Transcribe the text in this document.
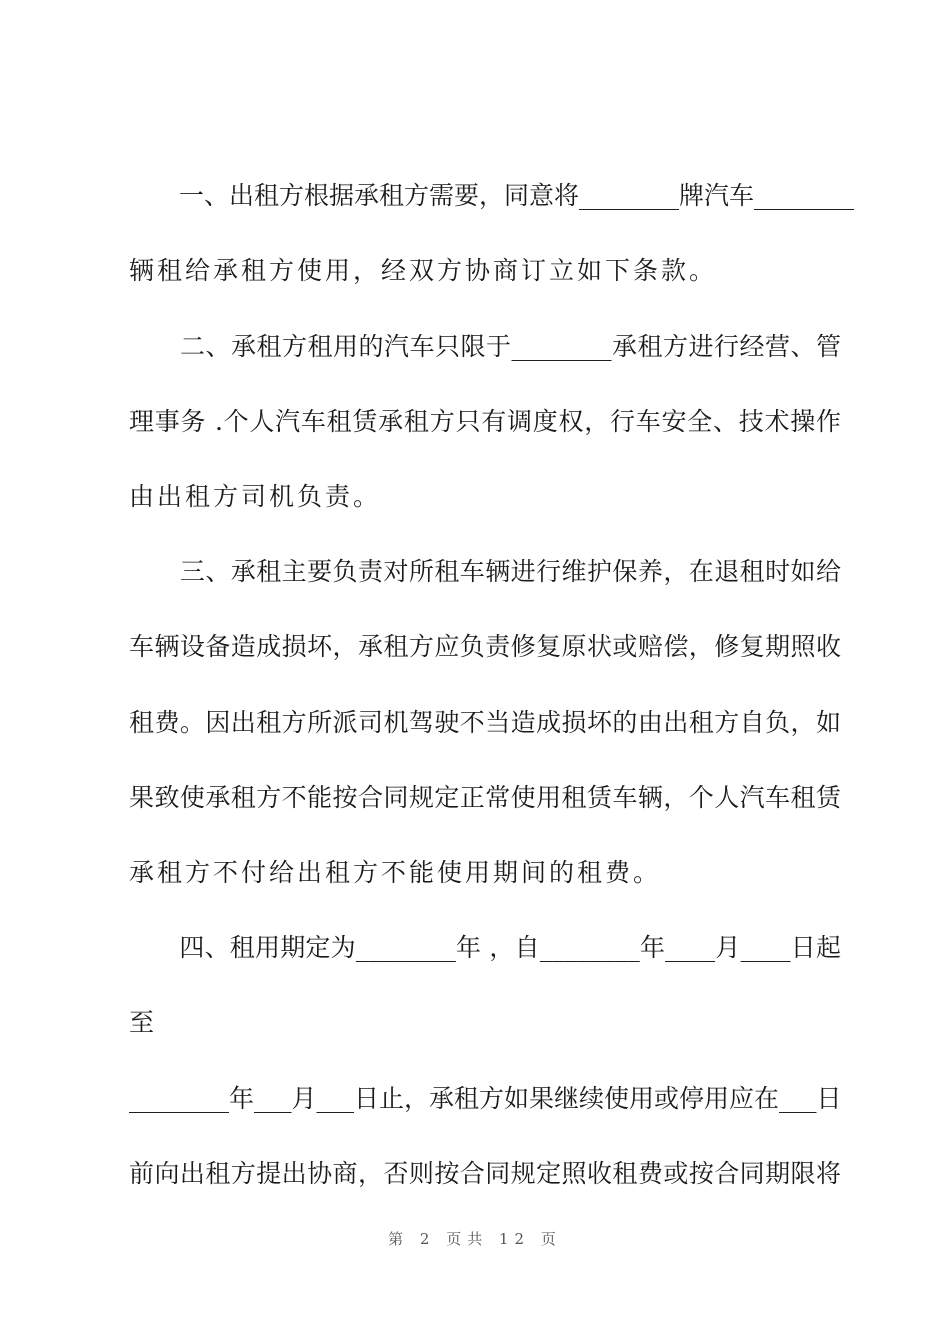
　　一、出租方根据承租方需要，同意将________牌汽车________
辆租给承租方使用，经双方协商订立如下条款。
　　二、承租方租用的汽车只限于________承租方进行经营、管
理事务 .个人汽车租赁承租方只有调度权，行车安全、技术操作
由出租方司机负责。
　　三、承租主要负责对所租车辆进行维护保养，在退租时如给
车辆设备造成损坏，承租方应负责修复原状或赔偿，修复期照收
租费。因出租方所派司机驾驶不当造成损坏的由出租方自负，如
果致使承租方不能按合同规定正常使用租赁车辆，个人汽车租赁
承租方不付给出租方不能使用期间的租费。
　　四、租用期定为________年 ，自________年____月____日起
至
________年___月___日止，承租方如果继续使用或停用应在___日
前向出租方提出协商，否则按合同规定照收租费或按合同期限将
第 2 页共 12 页
